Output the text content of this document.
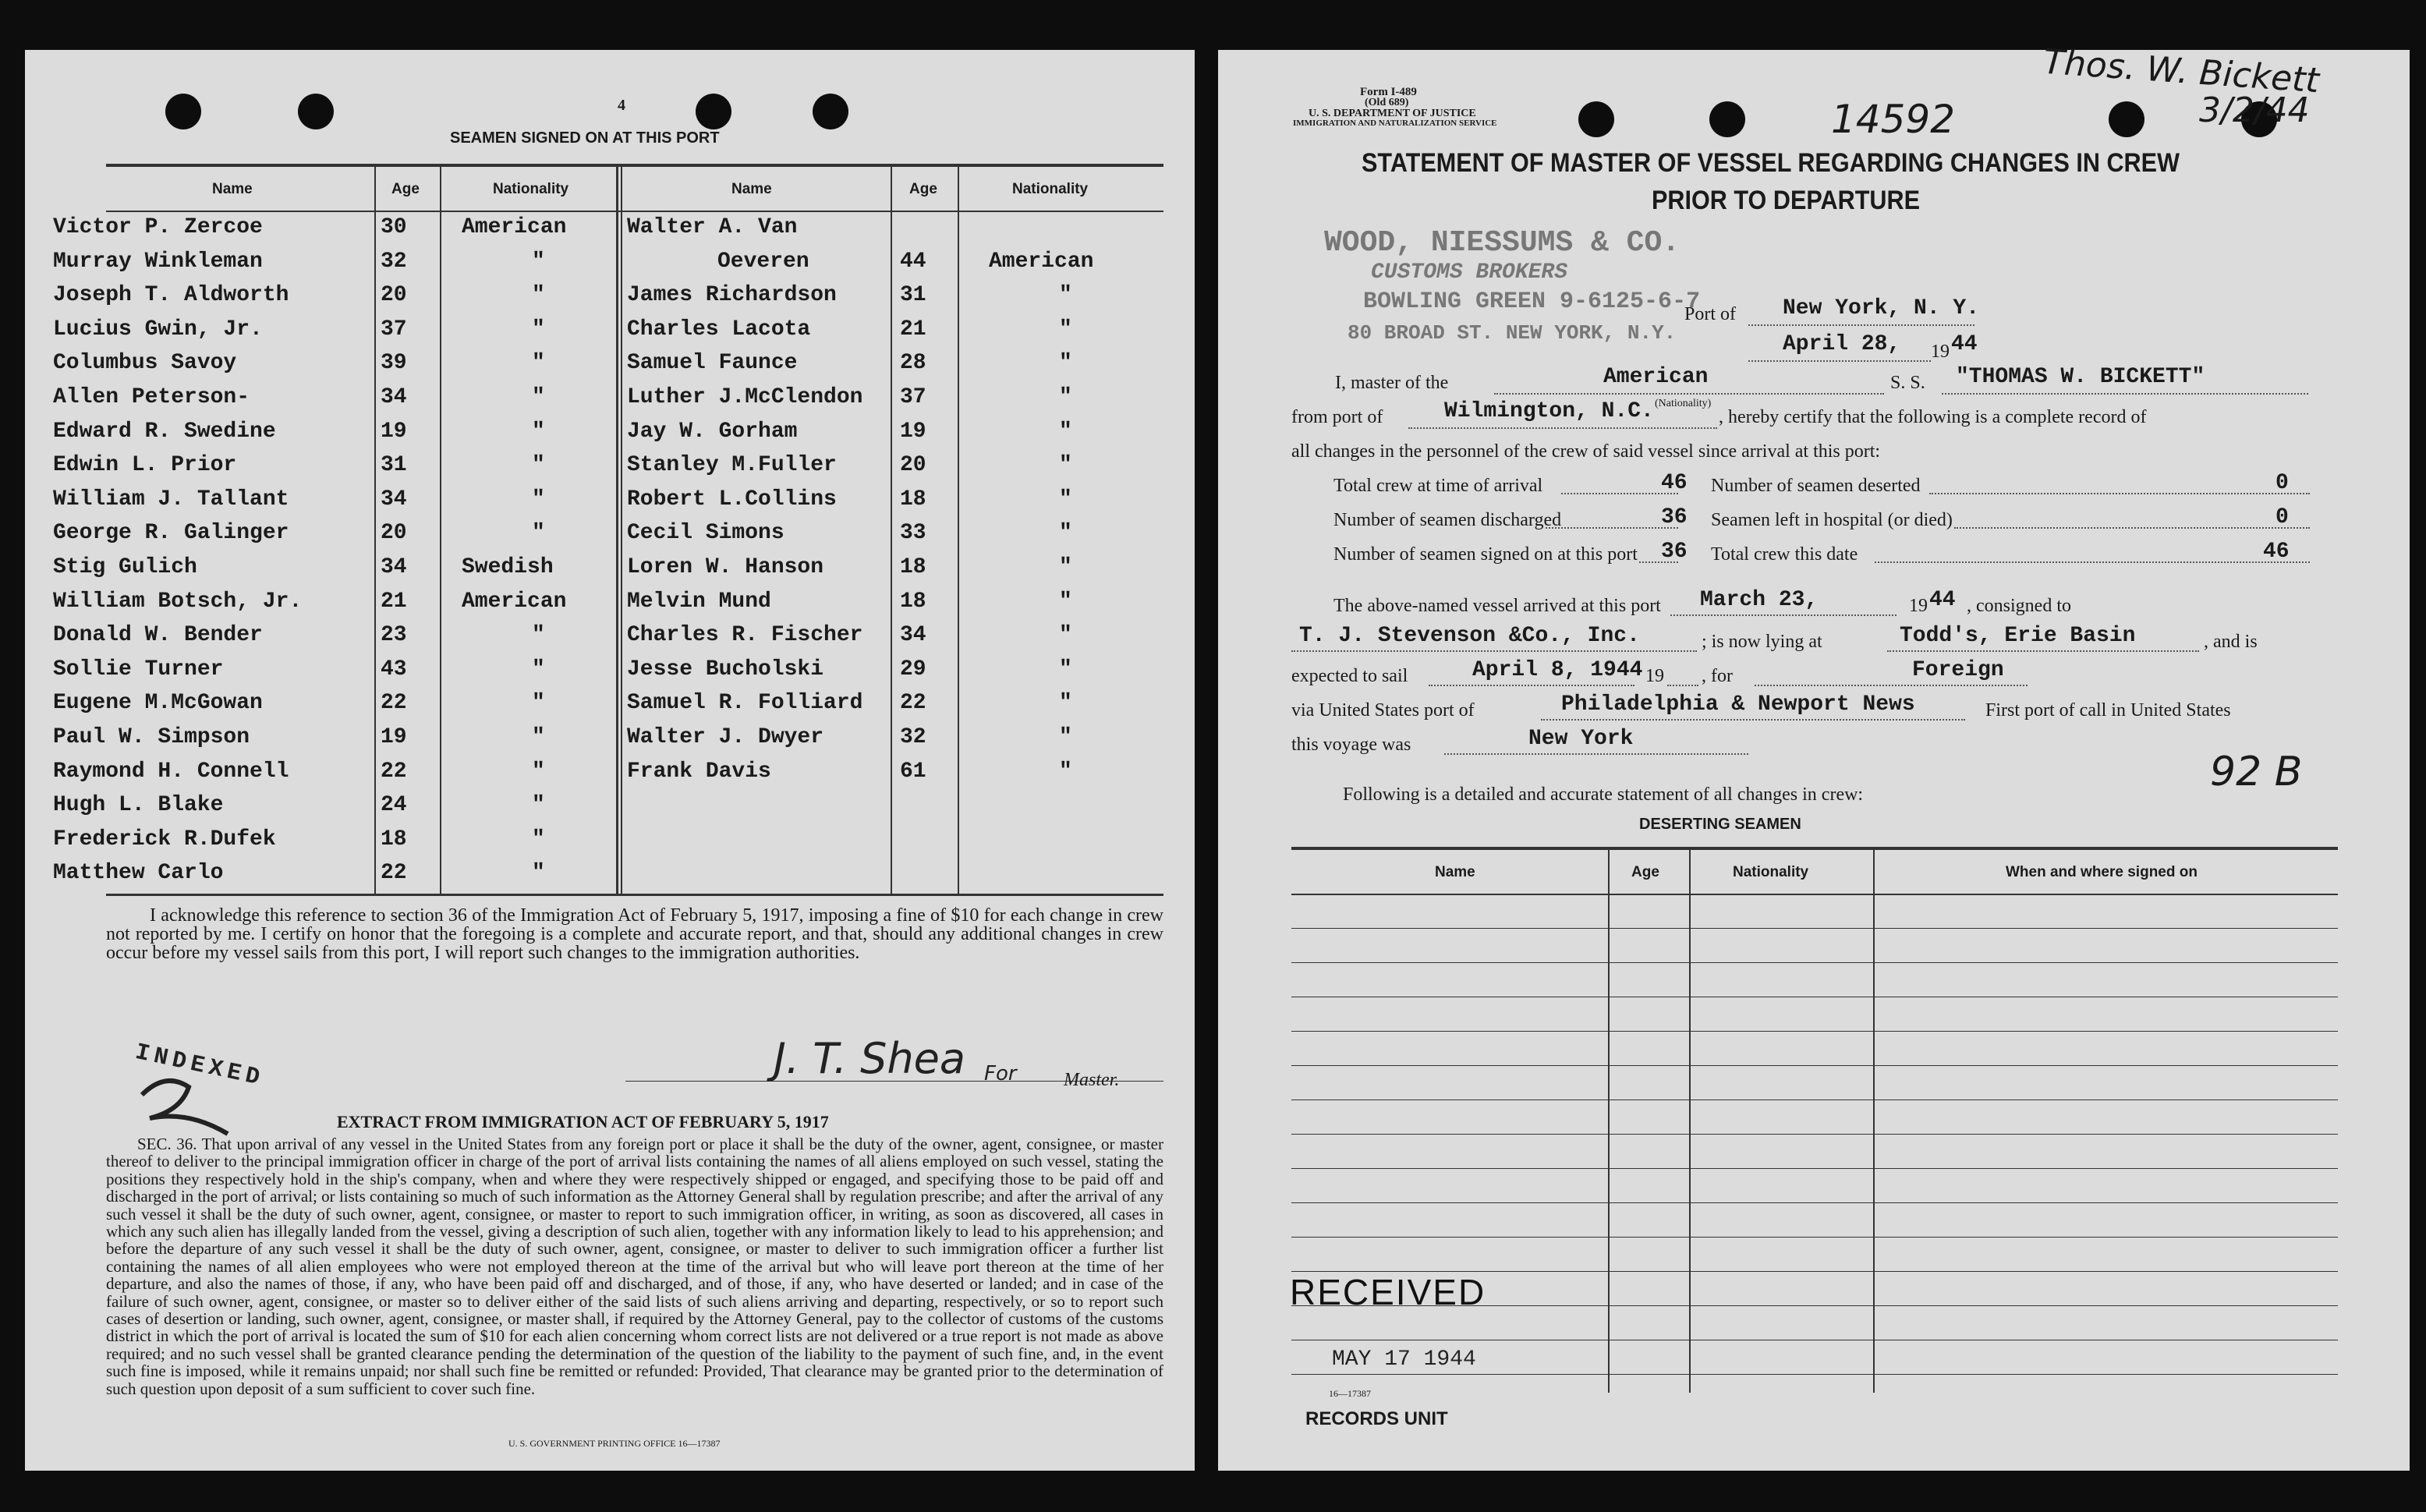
4
SEAMEN SIGNED ON AT THIS PORT
Name	Age	Nationality	Name	Age	Nationality
Victor P. Zercoe	30	American
Murray Winkleman	32	"
Joseph T. Aldworth	20	"
Lucius Gwin, Jr.	37	"
Columbus Savoy	39	"
Allen Peterson-	34	"
Edward R. Swedine	19	"
Edwin L. Prior	31	"
William J. Tallant	34	"
George R. Galinger	20	"
Stig Gulich	34	Swedish
William Botsch, Jr.	21	American
Donald W. Bender	23	"
Sollie Turner	43	"
Eugene M.McGowan	22	"
Paul W. Simpson	19	"
Raymond H. Connell	22	"
Hugh L. Blake	24	"
Frederick R.Dufek	18	"
Matthew Carlo	22	"
Walter A. Van
Oeveren	44	American
James Richardson	31	"
Charles Lacota	21	"
Samuel Faunce	28	"
Luther J.McClendon 37	"
Jay W. Gorham	19	"
Stanley M.Fuller	20	"
Robert L.Collins	18	"
Cecil Simons	33	"
Loren W. Hanson	18	"
Melvin Mund	18	"
Charles R. Fischer 34	"
Jesse Bucholski	29	"
Samuel R. Folliard 22	"
Walter J. Dwyer	32	"
Frank Davis	61	"
I acknowledge this reference to section 36 of the Immigration Act of February 5, 1917, imposing a fine of $10 for each change in crew not reported by me. I certify on honor that the foregoing is a complete and accurate report, and that, should any additional changes in crew occur before my vessel sails from this port, I will report such changes to the immigration authorities.
J. T. Shea For	Master.
INDEXED
EXTRACT FROM IMMIGRATION ACT OF FEBRUARY 5, 1917
SEC. 36. That upon arrival of any vessel in the United States from any foreign port or place it shall be the duty of the owner, agent, consignee, or master thereof to deliver to the principal immigration officer in charge of the port of arrival lists containing the names of all aliens employed on such vessel, stating the positions they respectively hold in the ship's company, when and where they were respectively shipped or engaged, and specifying those to be paid off and discharged in the port of arrival; or lists containing so much of such information as the Attorney General shall by regulation prescribe; and after the arrival of any such vessel it shall be the duty of such owner, agent, consignee, or master to report to such immigration officer, in writing, as soon as discovered, all cases in which any such alien has illegally landed from the vessel, giving a description of such alien, together with any information likely to lead to his apprehension; and before the departure of any such vessel it shall be the duty of such owner, agent, consignee, or master to deliver to such immigration officer a further list containing the names of all alien employees who were not employed thereon at the time of the arrival but who will leave port thereon at the time of her departure, and also the names of those, if any, who have been paid off and discharged, and of those, if any, who have deserted or landed; and in case of the failure of such owner, agent, consignee, or master so to deliver either of the said lists of such aliens arriving and departing, respectively, or so to report such cases of desertion or landing, such owner, agent, consignee, or master shall, if required by the Attorney General, pay to the collector of customs of the customs district in which the port of arrival is located the sum of $10 for each alien concerning whom correct lists are not delivered or a true report is not made as above required; and no such vessel shall be granted clearance pending the determination of the question of the liability to the payment of such fine, and, in the event such fine is imposed, while it remains unpaid; nor shall such fine be remitted or refunded: Provided, That clearance may be granted prior to the determination of such question upon deposit of a sum sufficient to cover such fine.
U. S. GOVERNMENT PRINTING OFFICE 16—17387
Form I-489
(Old 689)
U. S. DEPARTMENT OF JUSTICE
IMMIGRATION AND NATURALIZATION SERVICE	14592
Thos. W. Bickett
3/2/44
STATEMENT OF MASTER OF VESSEL REGARDING CHANGES IN CREW
PRIOR TO DEPARTURE
WOOD, NIESSUMS & CO.
CUSTOMS BROKERS
BOWLING GREEN 9-6125-6-7
80 BROAD ST. NEW YORK, N.Y.
Port of New York, N. Y.
April 28, 19 44
I, master of the	American
(Nationality)
S. S. "THOMAS W. BICKETT"
from port of	Wilmington, N.C.	, hereby certify that the following is a complete record of
all changes in the personnel of the crew of said vessel since arrival at this port:
Total crew at time of arrival	46
Number of seamen discharged	36
Number of seamen signed on at this port 36
Number of seamen deserted	0
Seamen left in hospital (or died)	0
Total crew this date	46
The above-named vessel arrived at this port March 23,	19 44 , consigned to
T. J. Stevenson &Co., Inc.	; is now lying at	Todd's, Erie Basin	, and is
expected to sail	April 8, 1944 19 , for	Foreign
via United States port of	Philadelphia & Newport News	First port of call in United States
this voyage was	New York
92 B
Following is a detailed and accurate statement of all changes in crew:
DESERTING SEAMEN
Name	Age	Nationality	When and where signed on
RECEIVED
MAY 17 1944
16—17387
RECORDS UNIT
